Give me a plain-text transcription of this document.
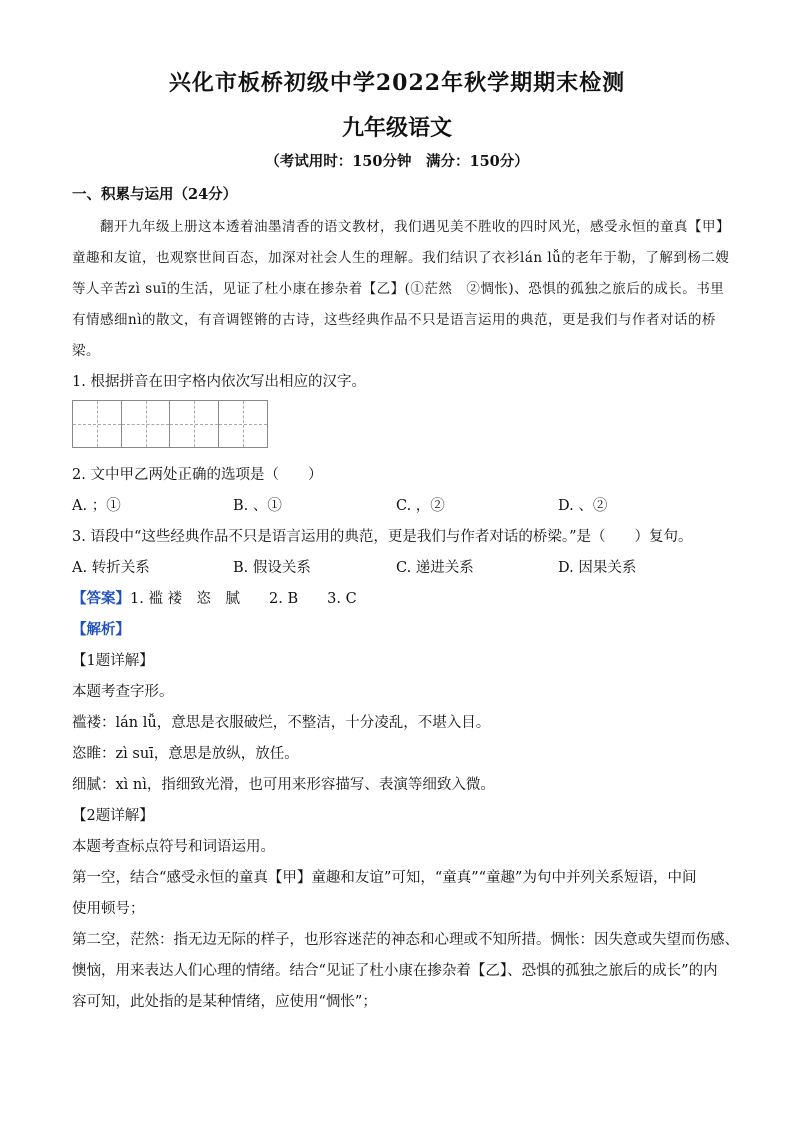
兴化市板桥初级中学2022年秋学期期末检测
九年级语文
（考试用时：150分钟　满分：150分）
一、积累与运用（24分）
翻开九年级上册这本透着油墨清香的语文教材，我们遇见美不胜收的四时风光，感受永恒的童真【甲】
童趣和友谊，也观察世间百态，加深对社会人生的理解。我们结识了衣衫lán lǚ的老年于勒，了解到杨二嫂
等人辛苦zì suī的生活，见证了杜小康在掺杂着【乙】(①茫然　②惆怅)、恐惧的孤独之旅后的成长。书里
有情感细nì的散文，有音调铿锵的古诗，这些经典作品不只是语言运用的典范，更是我们与作者对话的桥
梁。
1. 根据拼音在田字格内依次写出相应的汉字。
2. 文中甲乙两处正确的选项是（　　）
A. ；①	B. 、①	C. ，②	D. 、②
3. 语段中“这些经典作品不只是语言运用的典范，更是我们与作者对话的桥梁。”是（　　）复句。
A. 转折关系	B. 假设关系	C. 递进关系	D. 因果关系
【答案】1. 褴 褛　恣　腻　　2. B　　3. C
【解析】
【1题详解】
本题考查字形。
褴褛：lán lǚ，意思是衣服破烂，不整洁，十分凌乱，不堪入目。
恣睢：zì suī，意思是放纵，放任。
细腻：xì nì，指细致光滑，也可用来形容描写、表演等细致入微。
【2题详解】
本题考查标点符号和词语运用。
第一空，结合“感受永恒的童真【甲】童趣和友谊”可知，“童真”“童趣”为句中并列关系短语，中间
使用顿号；
第二空，茫然：指无边无际的样子，也形容迷茫的神态和心理或不知所措。惆怅：因失意或失望而伤感、
懊恼，用来表达人们心理的情绪。结合“见证了杜小康在掺杂着【乙】、恐惧的孤独之旅后的成长”的内
容可知，此处指的是某种情绪，应使用“惆怅”；
